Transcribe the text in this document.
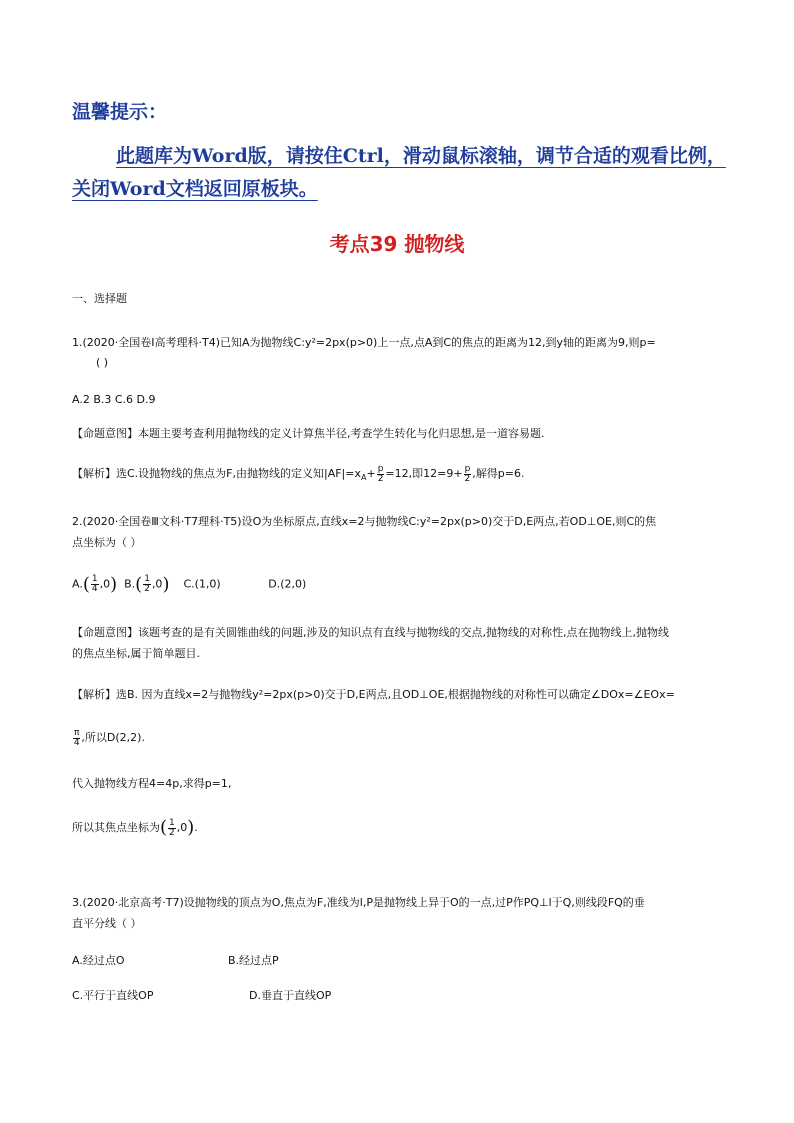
温馨提示：
此题库为Word版，请按住Ctrl，滑动鼠标滚轴，调节合适的观看比例，关闭Word文档返回原板块。
考点39 抛物线
一、选择题
1.(2020·全国卷Ⅰ高考理科·T4)已知A为抛物线C:y²=2px(p>0)上一点,点A到C的焦点的距离为12,到y轴的距离为9,则p=
( )
A.2 B.3 C.6 D.9
【命题意图】本题主要考查利用抛物线的定义计算焦半径,考查学生转化与化归思想,是一道容易题.
【解析】选C.设抛物线的焦点为F,由抛物线的定义知$|AF|=x_A+ \frac{p}{2} =12$,即$12=9+ \frac{p}{2}$ ,解得p=6.
2.(2020·全国卷Ⅲ文科·T7理科·T5)设O为坐标原点,直线x=2与抛物线C:y²=2px(p>0)交于D,E两点,若OD⊥OE,则C的焦
点坐标为（ ）
$A.( \frac{1}{4} ,0)$ $B.( \frac{1}{2} ,0)$ C.(1,0)	D.(2,0)
【命题意图】该题考查的是有关圆锥曲线的问题,涉及的知识点有直线与抛物线的交点,抛物线的对称性,点在抛物线上,抛物线
的焦点坐标,属于简单题目.
【解析】选B. 因为直线x=2与抛物线y²=2px(p>0)交于D,E两点,且OD⊥OE,根据抛物线的对称性可以确定∠DOx=∠EOx=
$\frac{\pi}{4}$ ,所以D(2,2).
代入抛物线方程4=4p,求得p=1,
所以其焦点坐标为( $\frac{1}{2} ,0$).
3.(2020·北京高考·T7)设抛物线的顶点为O,焦点为F,准线为l,P是抛物线上异于O的一点,过P作PQ⊥l于Q,则线段FQ的垂
直平分线（ ）
A.经过点O	B.经过点P
C.平行于直线OP	D.垂直于直线OP
